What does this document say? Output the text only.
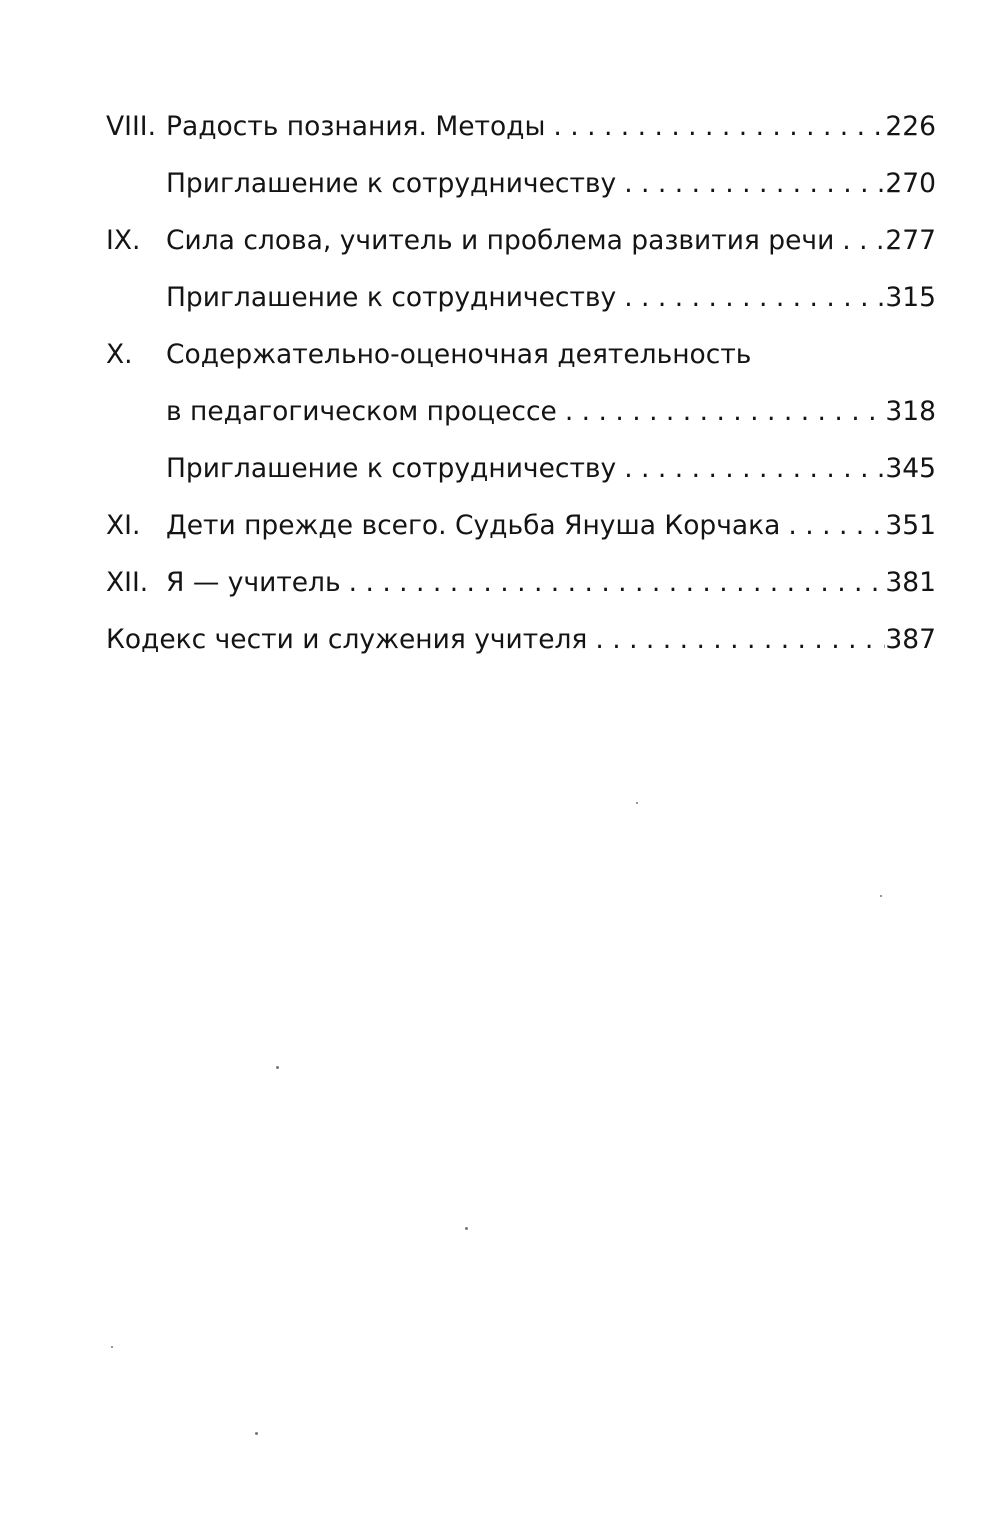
VIII. Радость познания. Методы . . .	226
Приглашение к сотрудничеству . . .	270
IX. Сила слова, учитель и проблема развития речи . . . 277
Приглашение к сотрудничеству . . .	315
X.	Содержательно-оценочная деятельность
в педагогическом процессе . . .	318
Приглашение к сотрудничеству . . .	345
XI. Дети прежде всего. Судьба Януша Корчака . . .	351
XII. Я — учитель . . .	381
Кодекс чести и служения учителя . . .	387
